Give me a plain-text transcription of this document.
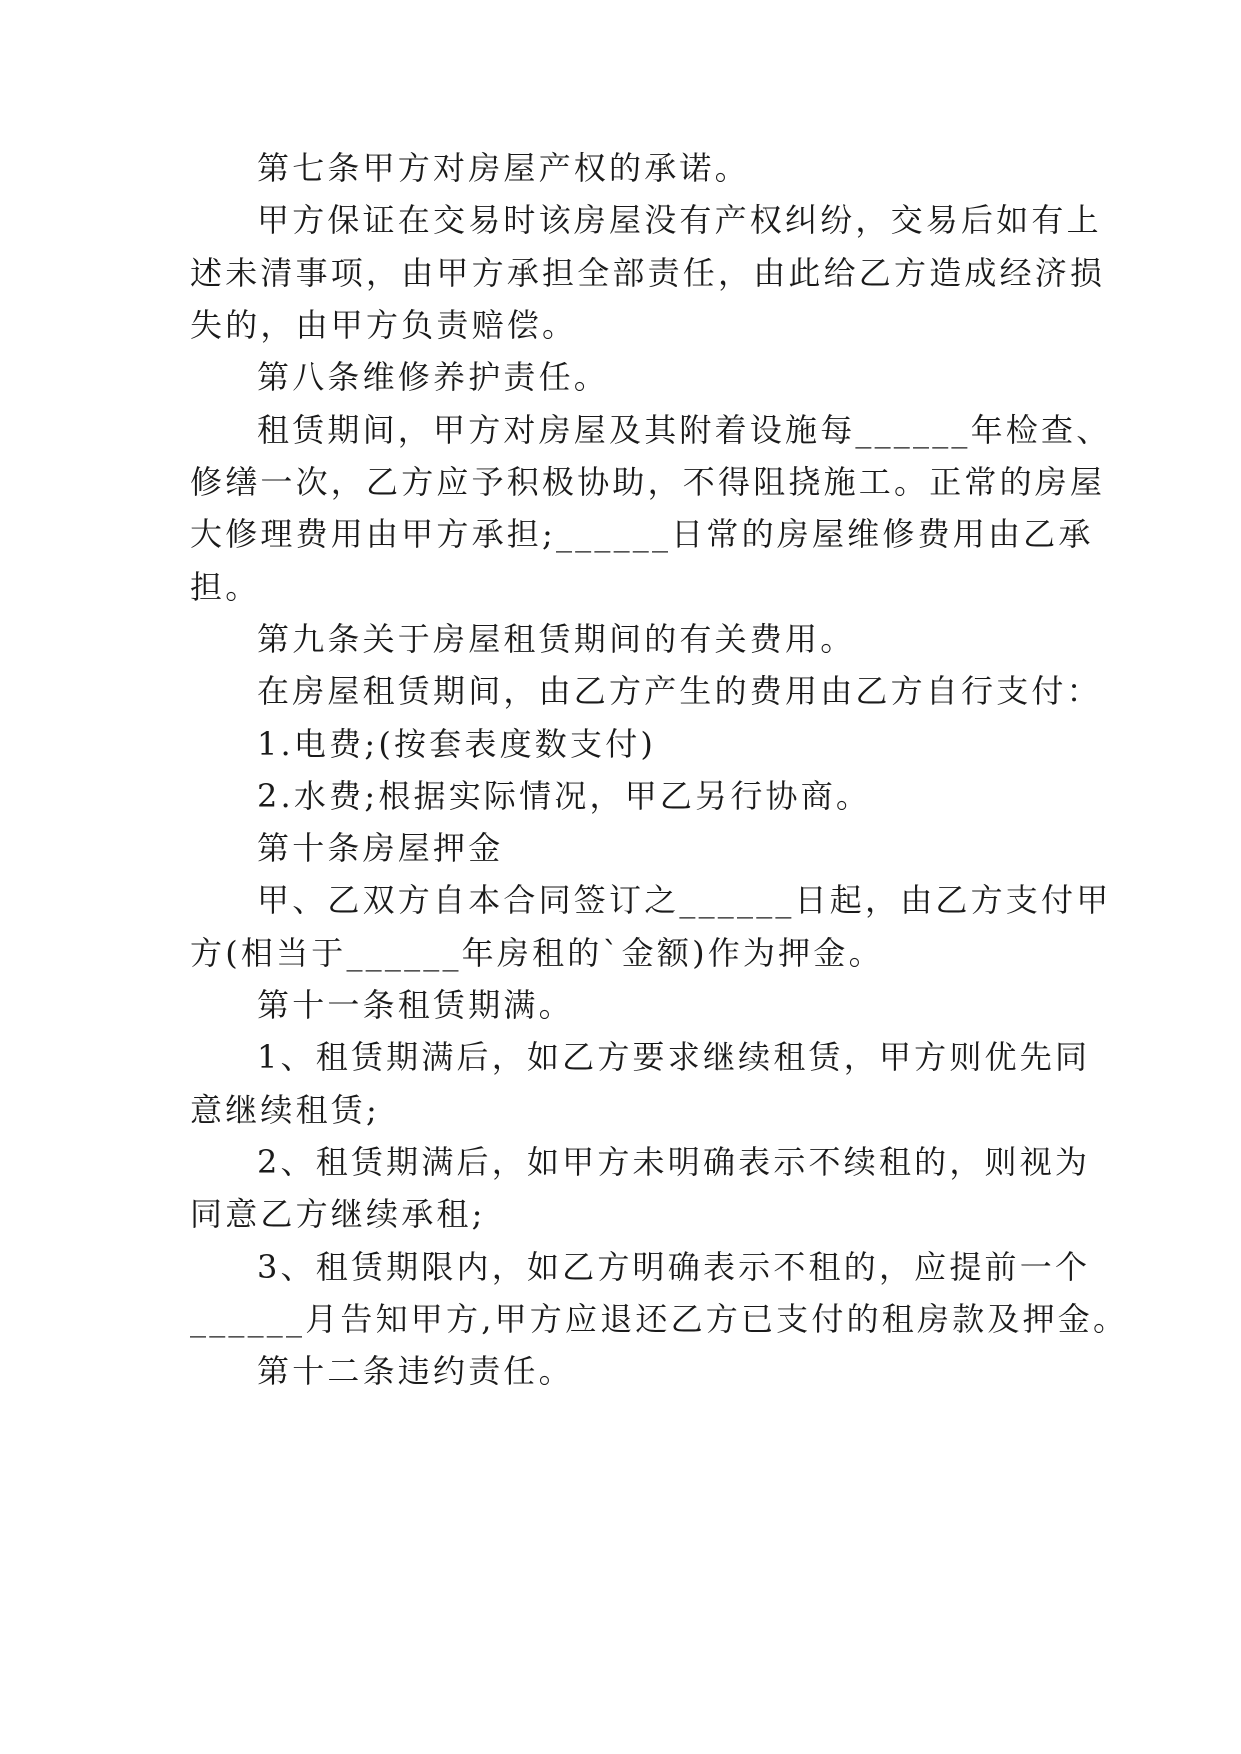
第七条甲方对房屋产权的承诺。
甲方保证在交易时该房屋没有产权纠纷，交易后如有上
述未清事项，由甲方承担全部责任，由此给乙方造成经济损
失的，由甲方负责赔偿。
第八条维修养护责任。
租赁期间，甲方对房屋及其附着设施每______年检查、
修缮一次，乙方应予积极协助，不得阻挠施工。正常的房屋
大修理费用由甲方承担;______日常的房屋维修费用由乙承
担。
第九条关于房屋租赁期间的有关费用。
在房屋租赁期间，由乙方产生的费用由乙方自行支付：
1.电费;(按套表度数支付)
2.水费;根据实际情况，甲乙另行协商。
第十条房屋押金
甲、乙双方自本合同签订之______日起，由乙方支付甲
方(相当于______年房租的`金额)作为押金。
第十一条租赁期满。
1、租赁期满后，如乙方要求继续租赁，甲方则优先同
意继续租赁;
2、租赁期满后，如甲方未明确表示不续租的，则视为
同意乙方继续承租;
3、租赁期限内，如乙方明确表示不租的，应提前一个
______月告知甲方,甲方应退还乙方已支付的租房款及押金。
第十二条违约责任。
